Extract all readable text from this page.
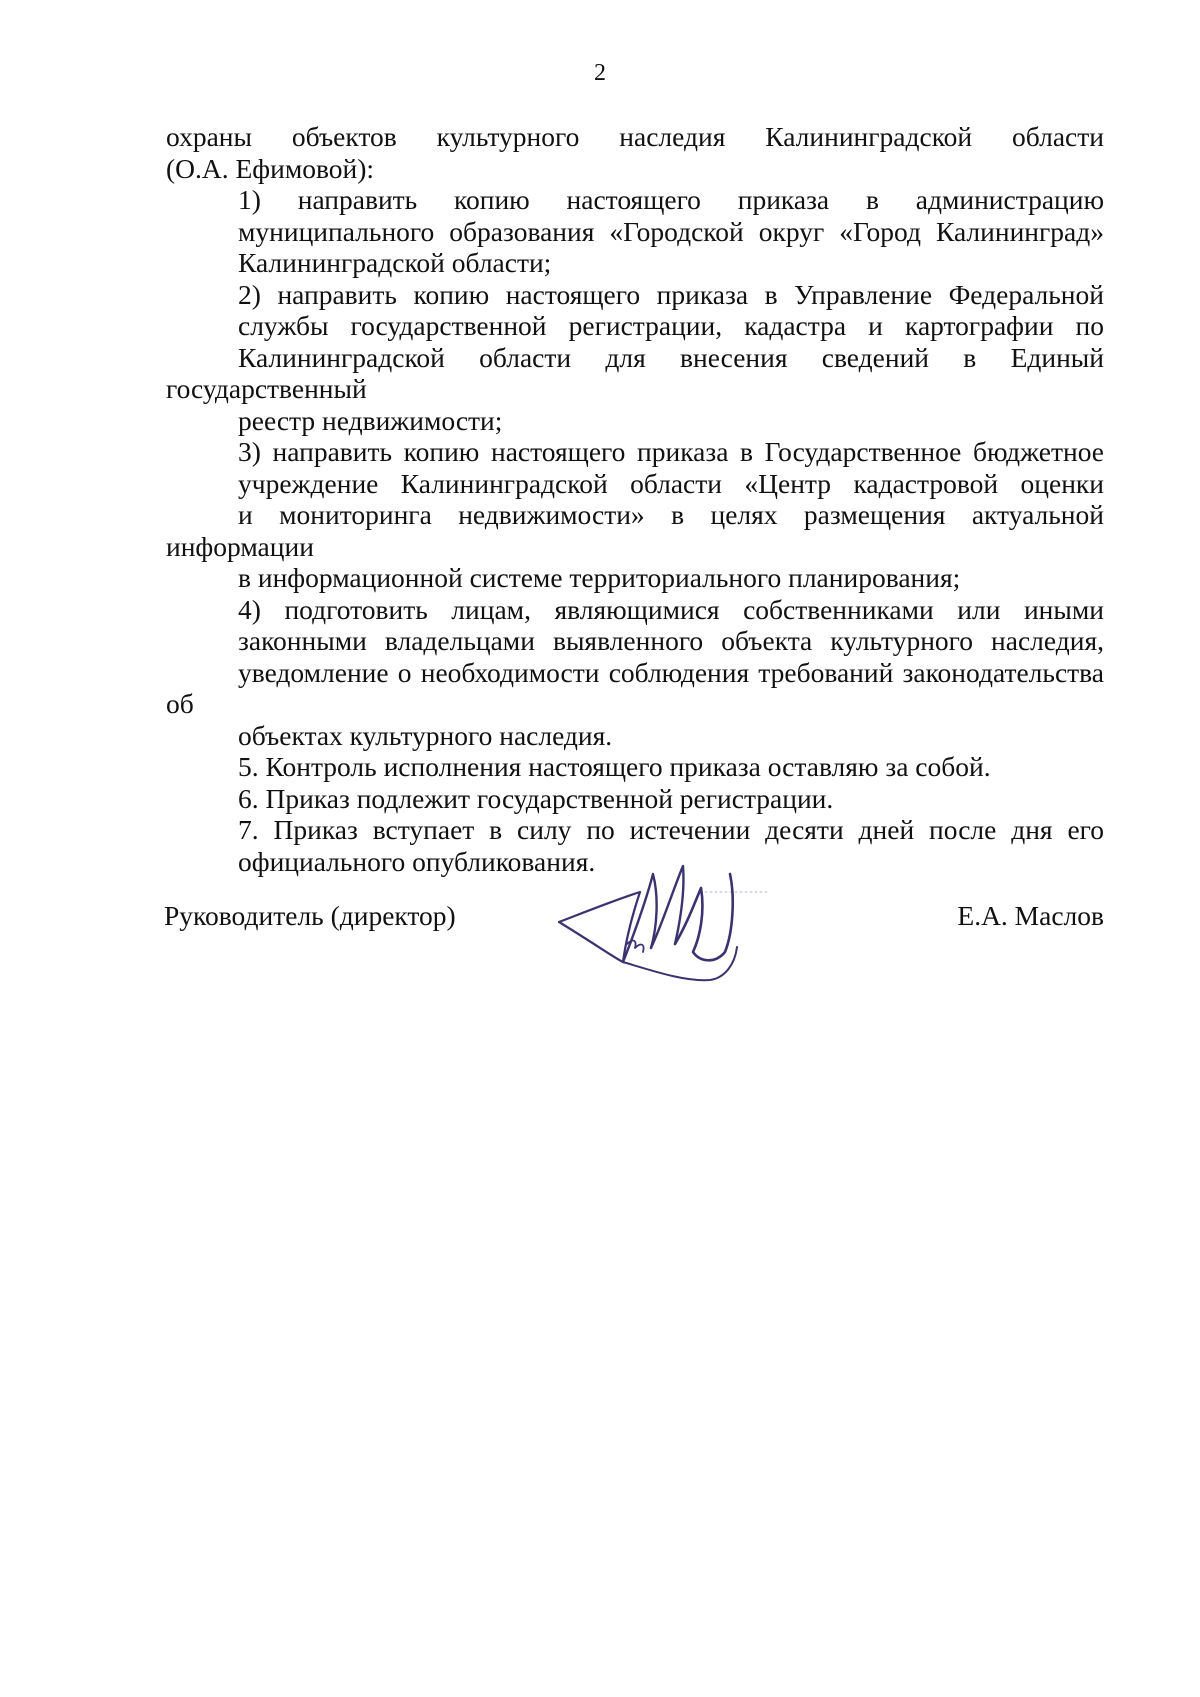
2

охраны объектов культурного наследия Калининградской области
(О.А. Ефимовой):

1) направить копию настоящего приказа в администрацию
муниципального образования «Городской округ «Город Калининград»
Калининградской области;

2) направить копию настоящего приказа в Управление Федеральной
службы государственной регистрации, кадастра и картографии по
Калининградской области для внесения сведений в Единый государственный
реестр недвижимости;

3) направить копию настоящего приказа в Государственное бюджетное
учреждение Калининградской области «Центр кадастровой оценки
и мониторинга недвижимости» в целях размещения актуальной информации
в информационной системе территориального планирования;

4) подготовить лицам, являющимися собственниками или иными
законными владельцами выявленного объекта культурного наследия,
уведомление о необходимости соблюдения требований законодательства об
объектах культурного наследия.

5. Контроль исполнения настоящего приказа оставляю за собой.

6. Приказ подлежит государственной регистрации.

7. Приказ вступает в силу по истечении десяти дней после дня его
официального опубликования.

Руководитель (директор)	Е.А. Маслов
